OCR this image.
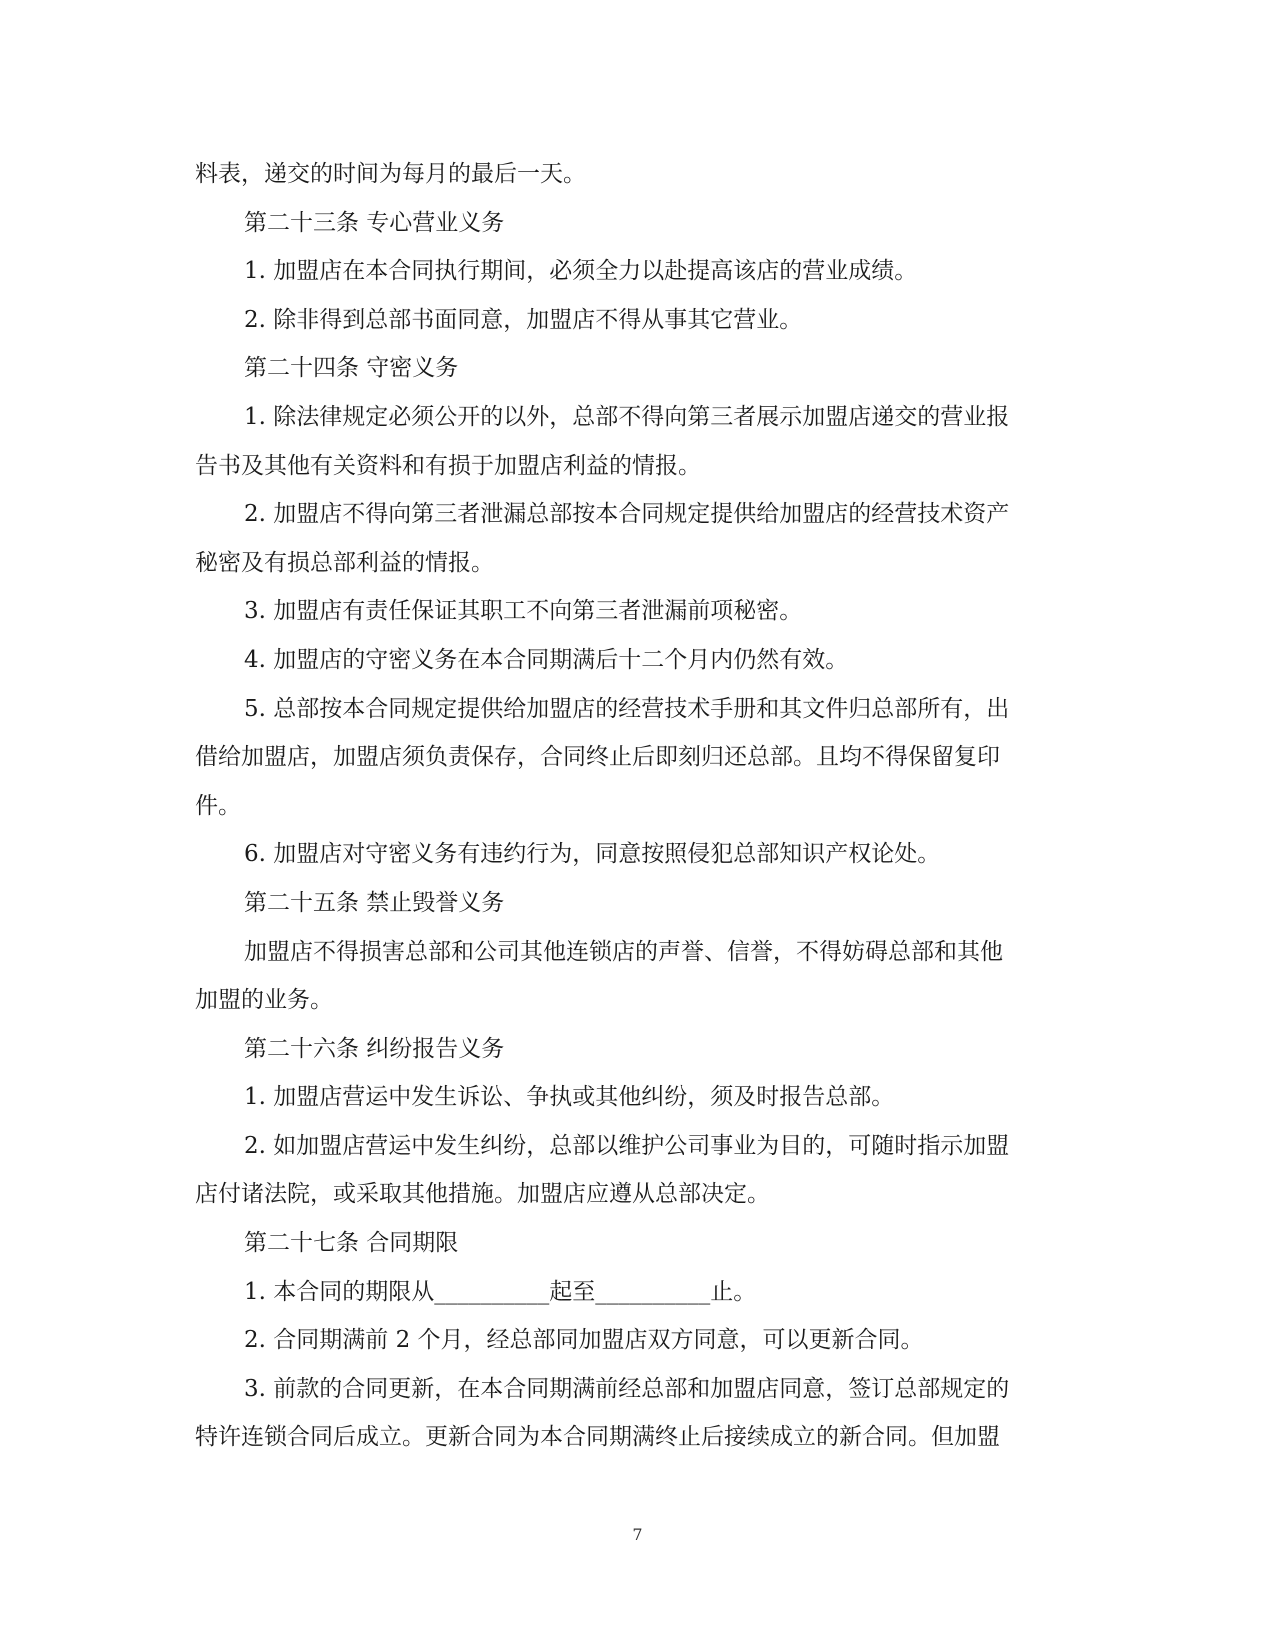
料表，递交的时间为每月的最后一天。
第二十三条 专心营业义务
1. 加盟店在本合同执行期间，必须全力以赴提高该店的营业成绩。
2. 除非得到总部书面同意，加盟店不得从事其它营业。
第二十四条 守密义务
1. 除法律规定必须公开的以外，总部不得向第三者展示加盟店递交的营业报
告书及其他有关资料和有损于加盟店利益的情报。
2. 加盟店不得向第三者泄漏总部按本合同规定提供给加盟店的经营技术资产
秘密及有损总部利益的情报。
3. 加盟店有责任保证其职工不向第三者泄漏前项秘密。
4. 加盟店的守密义务在本合同期满后十二个月内仍然有效。
5. 总部按本合同规定提供给加盟店的经营技术手册和其文件归总部所有，出
借给加盟店，加盟店须负责保存，合同终止后即刻归还总部。且均不得保留复印
件。
6. 加盟店对守密义务有违约行为，同意按照侵犯总部知识产权论处。
第二十五条 禁止毁誉义务
加盟店不得损害总部和公司其他连锁店的声誉、信誉，不得妨碍总部和其他
加盟的业务。
第二十六条 纠纷报告义务
1. 加盟店营运中发生诉讼、争执或其他纠纷，须及时报告总部。
2. 如加盟店营运中发生纠纷，总部以维护公司事业为目的，可随时指示加盟
店付诸法院，或采取其他措施。加盟店应遵从总部决定。
第二十七条 合同期限
1. 本合同的期限从__________起至__________止。
2. 合同期满前 2 个月，经总部同加盟店双方同意，可以更新合同。
3. 前款的合同更新，在本合同期满前经总部和加盟店同意，签订总部规定的
特许连锁合同后成立。更新合同为本合同期满终止后接续成立的新合同。但加盟
7
